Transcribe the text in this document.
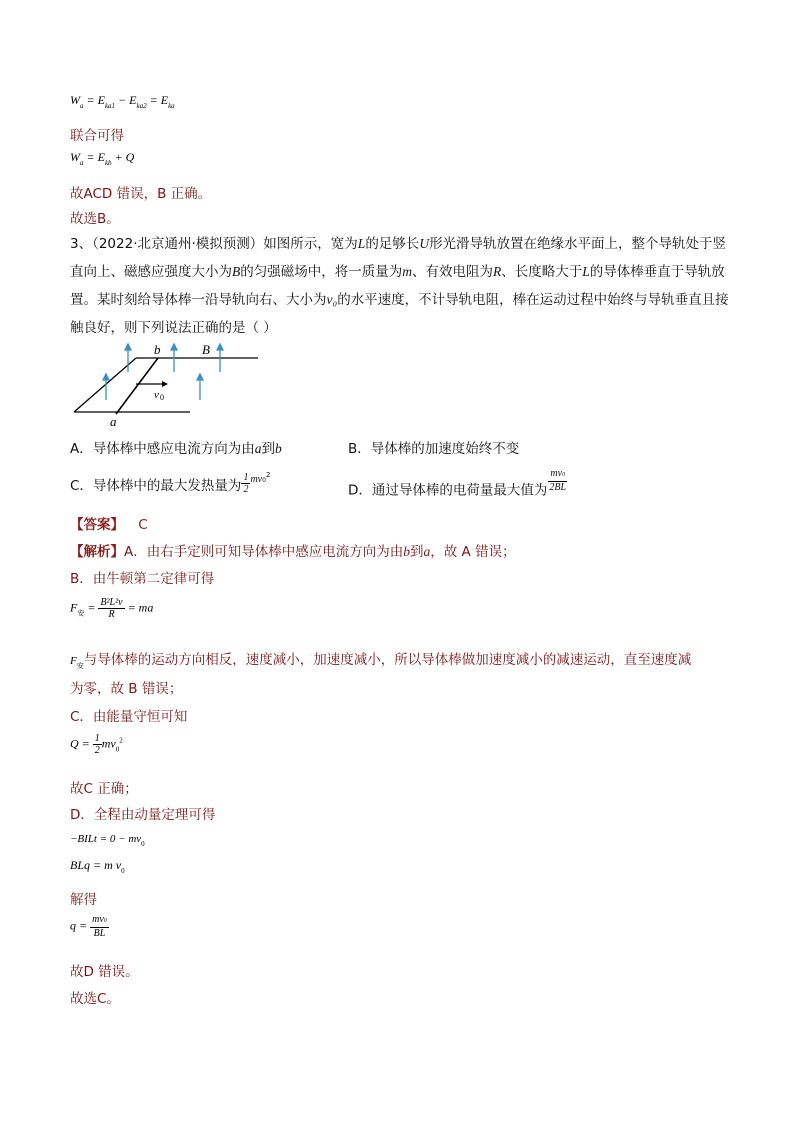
$W_a = E_{ka1} - E_{ka2} = E_{ka}$
联合可得
$W_a = E_{kb} + Q$
故ACD 错误，B 正确。
故选B。
3、（2022·北京通州·模拟预测）如图所示，宽为L的足够长U形光滑导轨放置在绝缘水平面上，整个导轨处于竖直向上、磁感应强度大小为B的匀强磁场中，将一质量为m、有效电阻为R、长度略大于L的导体棒垂直于导轨放置。某时刻给导体棒一沿导轨向右、大小为v₀的水平速度，不计导轨电阻，棒在运动过程中始终与导轨垂直且接触良好，则下列说法正确的是（ ）
b	B
v 0
a
A．导体棒中感应电流方向为由a到b	B．导体棒的加速度始终不变
C．导体棒中的最大发热量为 $\frac{1}{2} mv0^2$
D．通过导体棒的电荷量最大值为 $\frac{mv0}{2BL}$
【答案】 C
【解析】A．由右手定则可知导体棒中感应电流方向为由b到a，故 A 错误；
B．由牛顿第二定律可得
$F_安 = \frac{\text{B²L²v}}{R}$ = ma
$F_安$与导体棒的运动方向相反，速度减小，加速度减小，所以导体棒做加速度减小的减速运动，直至速度减
为零，故 B 错误；
C．由能量守恒可知
$Q = \frac{1}{2} mv_0^2$
故C 正确；
D．全程由动量定理可得
−BILt = $0 - mv_0$
BLq = m $v_0$
解得
$q = \frac{mv0}{BL}$
故D 错误。
故选C。
